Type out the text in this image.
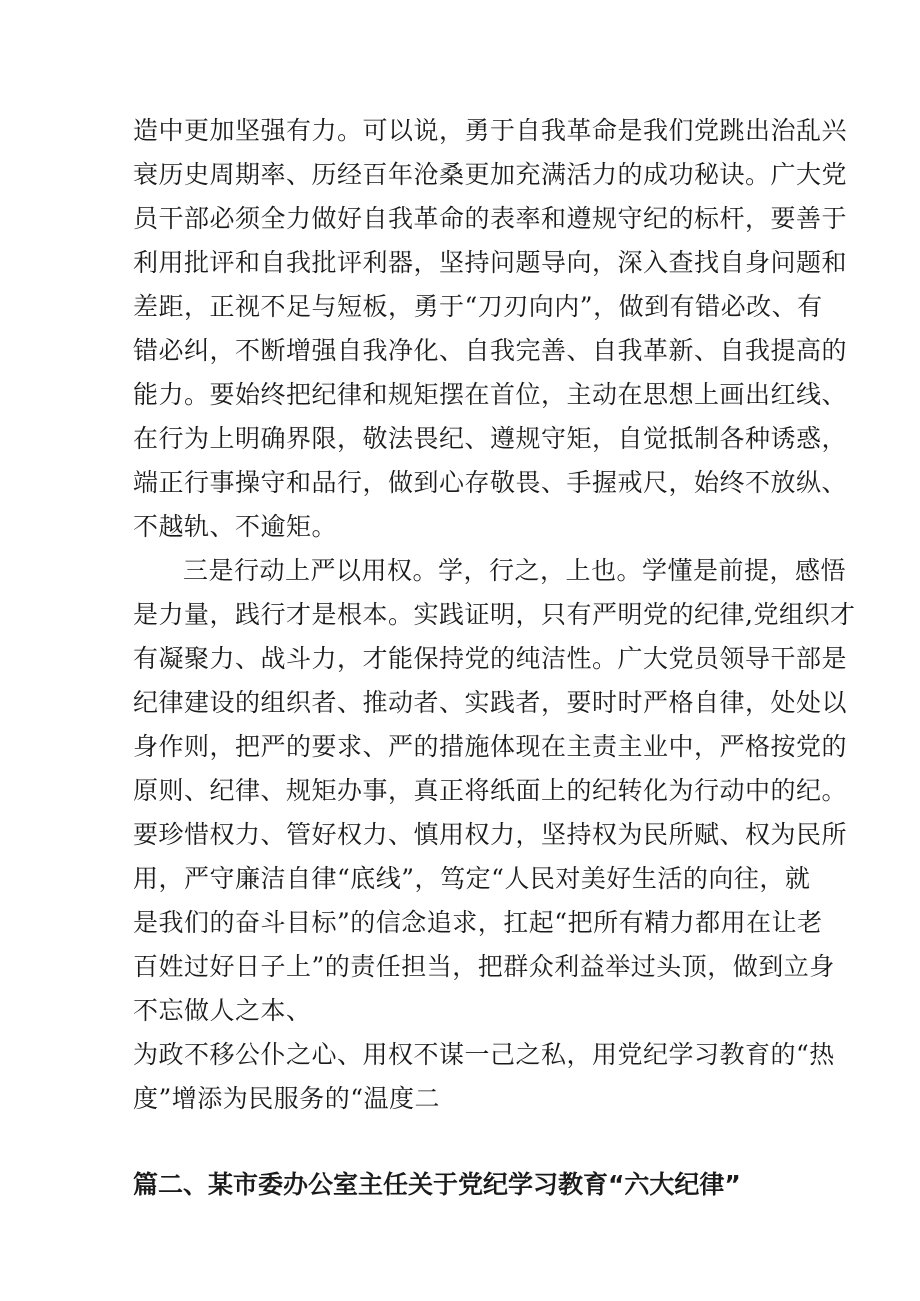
造中更加坚强有力。可以说，勇于自我革命是我们党跳出治乱兴
衰历史周期率、历经百年沧桑更加充满活力的成功秘诀。广大党
员干部必须全力做好自我革命的表率和遵规守纪的标杆，要善于
利用批评和自我批评利器，坚持问题导向，深入查找自身问题和
差距，正视不足与短板，勇于“刀刃向内”，做到有错必改、有
错必纠，不断增强自我净化、自我完善、自我革新、自我提高的
能力。要始终把纪律和规矩摆在首位，主动在思想上画出红线、
在行为上明确界限，敬法畏纪、遵规守矩，自觉抵制各种诱惑，
端正行事操守和品行，做到心存敬畏、手握戒尺，始终不放纵、
不越轨、不逾矩。
三是行动上严以用权。学，行之，上也。学懂是前提，感悟
是力量，践行才是根本。实践证明，只有严明党的纪律,党组织才
有凝聚力、战斗力，才能保持党的纯洁性。广大党员领导干部是
纪律建设的组织者、推动者、实践者，要时时严格自律，处处以
身作则，把严的要求、严的措施体现在主责主业中，严格按党的
原则、纪律、规矩办事，真正将纸面上的纪转化为行动中的纪。
要珍惜权力、管好权力、慎用权力，坚持权为民所赋、权为民所
用，严守廉洁自律“底线”，笃定“人民对美好生活的向往，就
是我们的奋斗目标”的信念追求，扛起“把所有精力都用在让老
百姓过好日子上”的责任担当，把群众利益举过头顶，做到立身
不忘做人之本、
为政不移公仆之心、用权不谋一己之私，用党纪学习教育的“热
度”增添为民服务的“温度二
篇二、某市委办公室主任关于党纪学习教育“六大纪律”
